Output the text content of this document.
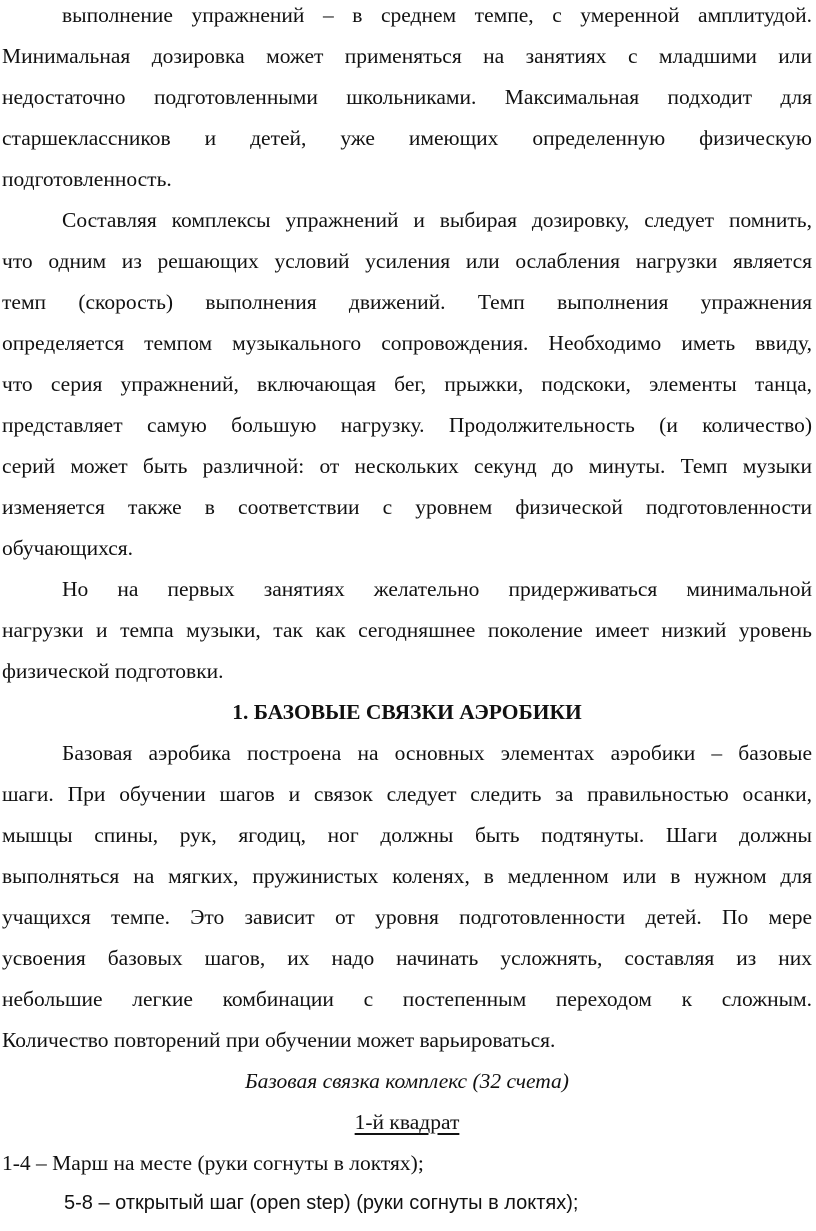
выполнение упражнений – в среднем темпе, с умеренной амплитудой.
Минимальная дозировка может применяться на занятиях с младшими или
недостаточно подготовленными школьниками. Максимальная подходит для
старшеклассников и детей, уже имеющих определенную физическую
подготовленность.
Составляя комплексы упражнений и выбирая дозировку, следует помнить,
что одним из решающих условий усиления или ослабления нагрузки является
темп (скорость) выполнения движений. Темп выполнения упражнения
определяется темпом музыкального сопровождения. Необходимо иметь ввиду,
что серия упражнений, включающая бег, прыжки, подскоки, элементы танца,
представляет самую большую нагрузку. Продолжительность (и количество)
серий может быть различной: от нескольких секунд до минуты. Темп музыки
изменяется также в соответствии с уровнем физической подготовленности
обучающихся.
Но на первых занятиях желательно придерживаться минимальной
нагрузки и темпа музыки, так как сегодняшнее поколение имеет низкий уровень
физической подготовки.
1. БАЗОВЫЕ СВЯЗКИ АЭРОБИКИ
Базовая аэробика построена на основных элементах аэробики – базовые
шаги. При обучении шагов и связок следует следить за правильностью осанки,
мышцы спины, рук, ягодиц, ног должны быть подтянуты. Шаги должны
выполняться на мягких, пружинистых коленях, в медленном или в нужном для
учащихся темпе. Это зависит от уровня подготовленности детей. По мере
усвоения базовых шагов, их надо начинать усложнять, составляя из них
небольшие легкие комбинации с постепенным переходом к сложным.
Количество повторений при обучении может варьироваться.
Базовая связка комплекс (32 счета)
1-й квадрат
1-4 – Марш на месте (руки согнуты в локтях);
5-8 – открытый шаг (open step) (руки согнуты в локтях);
